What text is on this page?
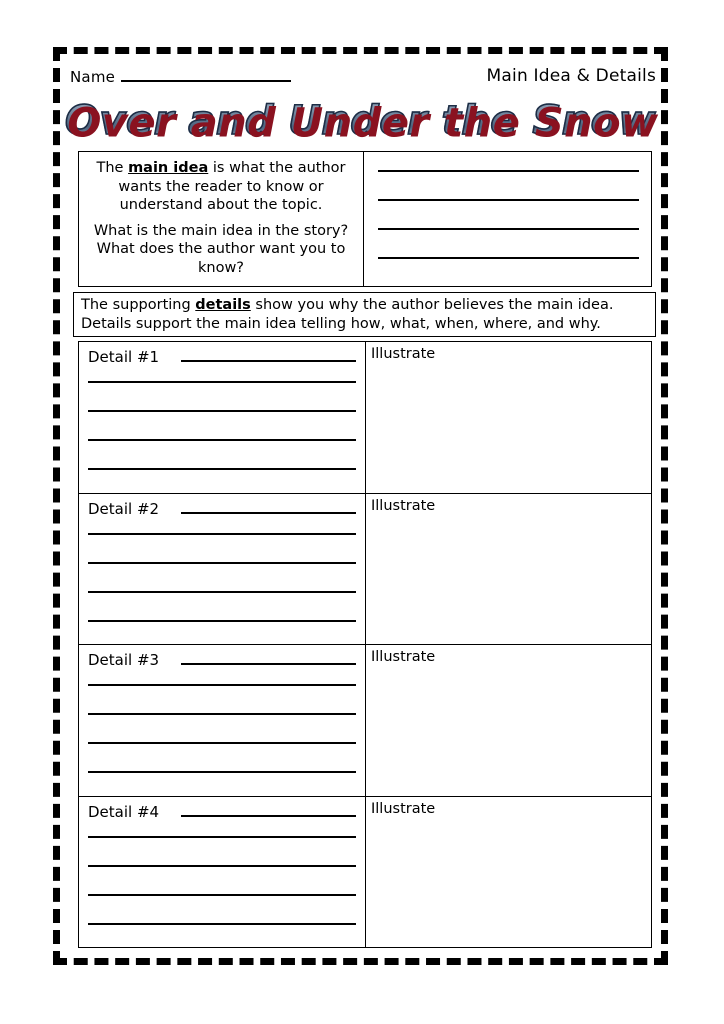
Name	Main Idea & Details
Over and Under the Snow

The main idea is what the author wants the reader to know or understand about the topic.

What is the main idea in the story? What does the author want you to know?

The supporting details show you why the author believes the main idea.

Details support the main idea telling how, what, when, where, and why.

Detail #1	Illustrate
Detail #2	Illustrate
Detail #3	Illustrate
Detail #4	Illustrate
